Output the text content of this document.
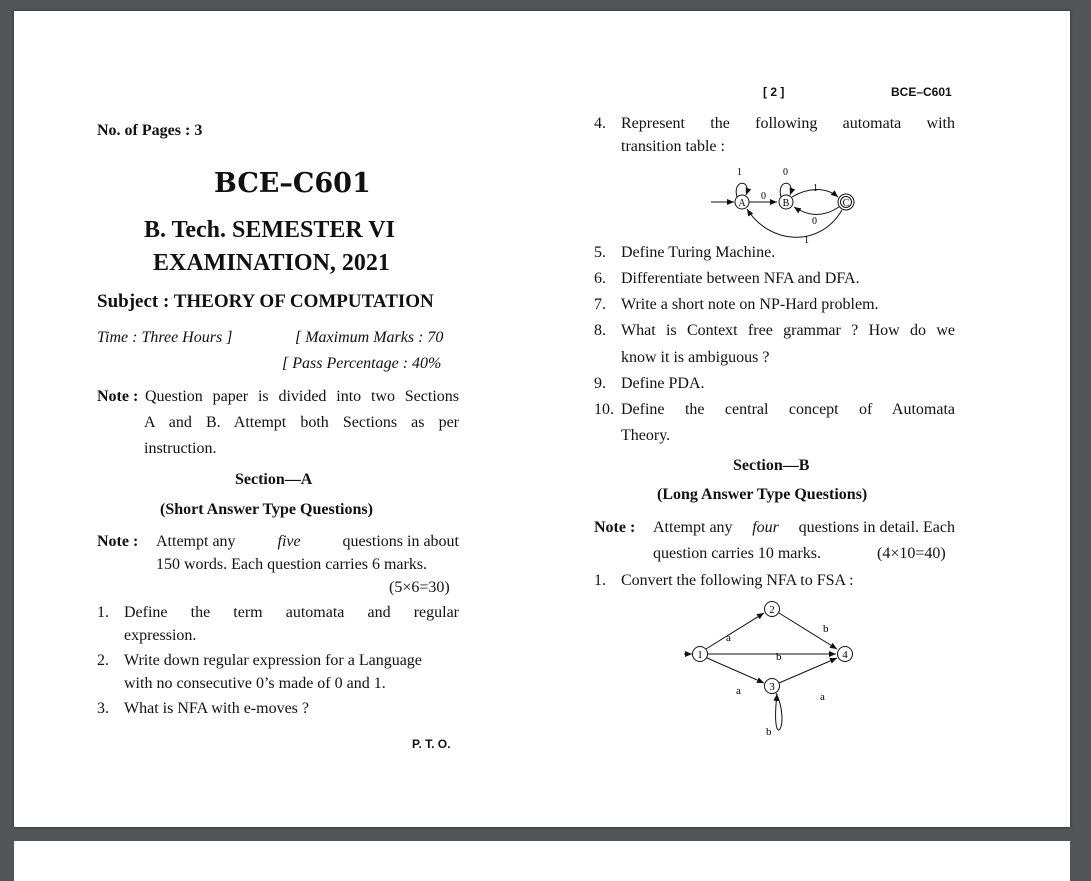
No. of Pages : 3
BCE–C601
B. Tech. SEMESTER VI
EXAMINATION, 2021
Subject : THEORY OF COMPUTATION
Time : Three Hours ]	[ Maximum Marks : 70
[ Pass Percentage : 40%
Note : Question paper is divided into two Sections
A and B. Attempt both Sections as per
instruction.
Section—A
(Short Answer Type Questions)
Note : Attempt any	five	questions in about
150 words. Each question carries 6 marks.
(5×6=30)
1. Define the term automata and regular
expression.
2. Write down regular expression for a Language
with no consecutive 0’s made of 0 and 1.
3. What is NFA with e-moves ?
P. T. O.
[ 2 ]	BCE–C601
4. Represent the following automata with
transition table :
A	B	C
1	0
0
1
0
1
5. Define Turing Machine.
6. Differentiate between NFA and DFA.
7. Write a short note on NP-Hard problem.
8. What is Context free grammar ? How do we
know it is ambiguous ?
9. Define PDA.
10. Define the central concept of Automata
Theory.
Section—B
(Long Answer Type Questions)
Note : Attempt any four questions in detail. Each
question carries 10 marks.	(4×10=40)
1. Convert the following NFA to FSA :
1
2
3
4
a
b
b
a	a
b
